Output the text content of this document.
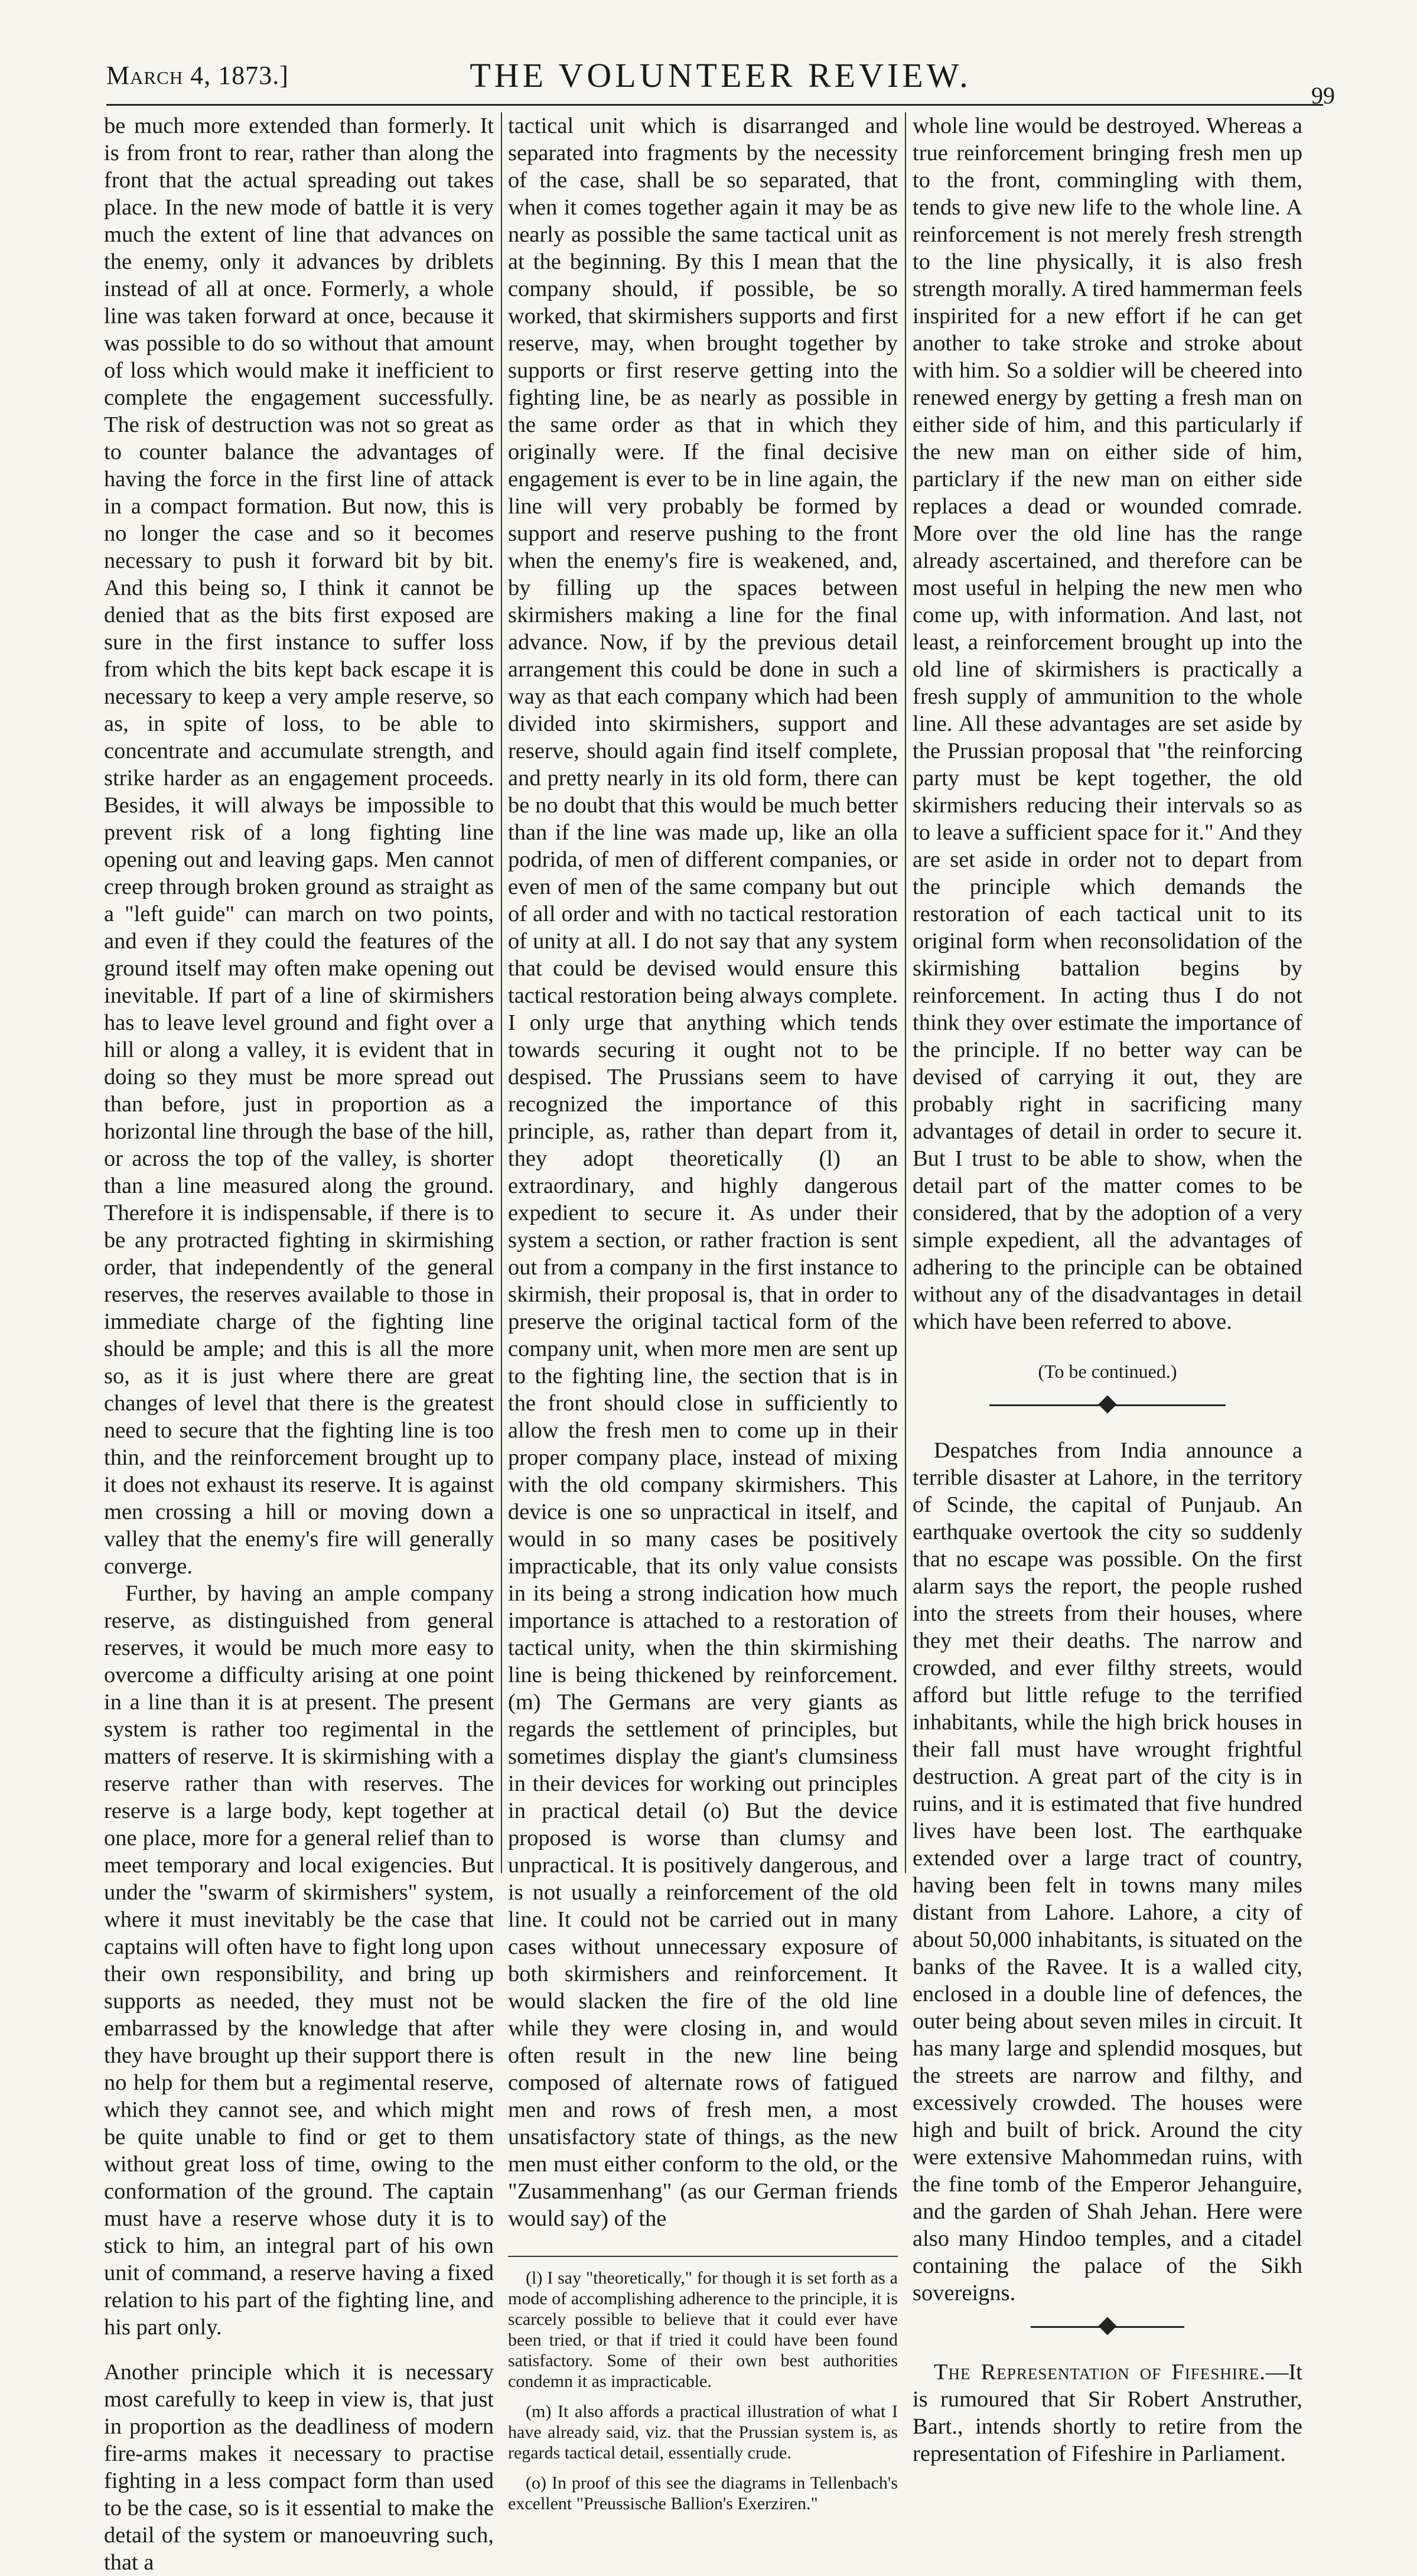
March 4, 1873.]	THE VOLUNTEER REVIEW.
99

be much more extended than formerly. It is from front to rear, rather than along the front that the actual spreading out takes place. In the new mode of battle it is very much the extent of line that advances on the enemy, only it advances by driblets instead of all at once. Formerly, a whole line was taken forward at once, because it was possible to do so without that amount of loss which would make it inefficient to complete the engagement successfully. The risk of destruction was not so great as to counter balance the advantages of having the force in the first line of attack in a compact formation. But now, this is no longer the case and so it becomes necessary to push it forward bit by bit. And this being so, I think it cannot be denied that as the bits first exposed are sure in the first instance to suffer loss from which the bits kept back escape it is necessary to keep a very ample reserve, so as, in spite of loss, to be able to concentrate and accumulate strength, and strike harder as an engagement proceeds. Besides, it will always be impossible to prevent risk of a long fighting line opening out and leaving gaps. Men cannot creep through broken ground as straight as a "left guide" can march on two points, and even if they could the features of the ground itself may often make opening out inevitable. If part of a line of skirmishers has to leave level ground and fight over a hill or along a valley, it is evident that in doing so they must be more spread out than before, just in proportion as a horizontal line through the base of the hill, or across the top of the valley, is shorter than a line measured along the ground. Therefore it is indispensable, if there is to be any protracted fighting in skirmishing order, that independently of the general reserves, the reserves available to those in immediate charge of the fighting line should be ample; and this is all the more so, as it is just where there are great changes of level that there is the greatest need to secure that the fighting line is too thin, and the reinforcement brought up to it does not exhaust its reserve. It is against men crossing a hill or moving down a valley that the enemy's fire will generally converge.

Further, by having an ample company reserve, as distinguished from general reserves, it would be much more easy to overcome a difficulty arising at one point in a line than it is at present. The present system is rather too regimental in the matters of reserve. It is skirmishing with a reserve rather than with reserves. The reserve is a large body, kept together at one place, more for a general relief than to meet temporary and local exigencies. But under the "swarm of skirmishers" system, where it must inevitably be the case that captains will often have to fight long upon their own responsibility, and bring up supports as needed, they must not be embarrassed by the knowledge that after they have brought up their support there is no help for them but a regimental reserve, which they cannot see, and which might be quite unable to find or get to them without great loss of time, owing to the conformation of the ground. The captain must have a reserve whose duty it is to stick to him, an integral part of his own unit of command, a reserve having a fixed relation to his part of the fighting line, and his part only.

Another principle which it is necessary most carefully to keep in view is, that just in proportion as the deadliness of modern fire-arms makes it necessary to practise fighting in a less compact form than used to be the case, so is it essential to make the detail of the system or manoeuvring such, that a

tactical unit which is disarranged and separated into fragments by the necessity of the case, shall be so separated, that when it comes together again it may be as nearly as possible the same tactical unit as at the beginning. By this I mean that the company should, if possible, be so worked, that skirmishers supports and first reserve, may, when brought together by supports or first reserve getting into the fighting line, be as nearly as possible in the same order as that in which they originally were. If the final decisive engagement is ever to be in line again, the line will very probably be formed by support and reserve pushing to the front when the enemy's fire is weakened, and, by filling up the spaces between skirmishers making a line for the final advance. Now, if by the previous detail arrangement this could be done in such a way as that each company which had been divided into skirmishers, support and reserve, should again find itself complete, and pretty nearly in its old form, there can be no doubt that this would be much better than if the line was made up, like an olla podrida, of men of different companies, or even of men of the same company but out of all order and with no tactical restoration of unity at all. I do not say that any system that could be devised would ensure this tactical restoration being always complete. I only urge that anything which tends towards securing it ought not to be despised. The Prussians seem to have recognized the importance of this principle, as, rather than depart from it, they adopt theoretically (l) an extraordinary, and highly dangerous expedient to secure it. As under their system a section, or rather fraction is sent out from a company in the first instance to skirmish, their proposal is, that in order to preserve the original tactical form of the company unit, when more men are sent up to the fighting line, the section that is in the front should close in sufficiently to allow the fresh men to come up in their proper company place, instead of mixing with the old company skirmishers. This device is one so unpractical in itself, and would in so many cases be positively impracticable, that its only value consists in its being a strong indication how much importance is attached to a restoration of tactical unity, when the thin skirmishing line is being thickened by reinforcement.(m) The Germans are very giants as regards the settlement of principles, but sometimes display the giant's clumsiness in their devices for working out principles in practical detail (o) But the device proposed is worse than clumsy and unpractical. It is positively dangerous, and is not usually a reinforcement of the old line. It could not be carried out in many cases without unnecessary exposure of both skirmishers and reinforcement. It would slacken the fire of the old line while they were closing in, and would often result in the new line being composed of alternate rows of fatigued men and rows of fresh men, a most unsatisfactory state of things, as the new men must either conform to the old, or the "Zusammenhang" (as our German friends would say) of the

(l) I say "theoretically," for though it is set forth as a mode of accomplishing adherence to the principle, it is scarcely possible to believe that it could ever have been tried, or that if tried it could have been found satisfactory. Some of their own best authorities condemn it as impracticable.

(m) It also affords a practical illustration of what I have already said, viz. that the Prussian system is, as regards tactical detail, essentially crude.

(o) In proof of this see the diagrams in Tellenbach's excellent "Preussische Ballion's Exerziren."

whole line would be destroyed. Whereas a true reinforcement bringing fresh men up to the front, commingling with them, tends to give new life to the whole line. A reinforcement is not merely fresh strength to the line physically, it is also fresh strength morally. A tired hammerman feels inspirited for a new effort if he can get another to take stroke and stroke about with him. So a soldier will be cheered into renewed energy by getting a fresh man on either side of him, and this particularly if the new man on either side of him, particlary if the new man on either side replaces a dead or wounded comrade. More over the old line has the range already ascertained, and therefore can be most useful in helping the new men who come up, with information. And last, not least, a reinforcement brought up into the old line of skirmishers is practically a fresh supply of ammunition to the whole line. All these advantages are set aside by the Prussian proposal that "the reinforcing party must be kept together, the old skirmishers reducing their intervals so as to leave a sufficient space for it." And they are set aside in order not to depart from the principle which demands the restoration of each tactical unit to its original form when reconsolidation of the skirmishing battalion begins by reinforcement. In acting thus I do not think they over estimate the importance of the principle. If no better way can be devised of carrying it out, they are probably right in sacrificing many advantages of detail in order to secure it. But I trust to be able to show, when the detail part of the matter comes to be considered, that by the adoption of a very simple expedient, all the advantages of adhering to the principle can be obtained without any of the disadvantages in detail which have been referred to above.

(To be continued.)

Despatches from India announce a terrible disaster at Lahore, in the territory of Scinde, the capital of Punjaub. An earthquake overtook the city so suddenly that no escape was possible. On the first alarm says the report, the people rushed into the streets from their houses, where they met their deaths. The narrow and crowded, and ever filthy streets, would afford but little refuge to the terrified inhabitants, while the high brick houses in their fall must have wrought frightful destruction. A great part of the city is in ruins, and it is estimated that five hundred lives have been lost. The earthquake extended over a large tract of country, having been felt in towns many miles distant from Lahore. Lahore, a city of about 50,000 inhabitants, is situated on the banks of the Ravee. It is a walled city, enclosed in a double line of defences, the outer being about seven miles in circuit. It has many large and splendid mosques, but the streets are narrow and filthy, and excessively crowded. The houses were high and built of brick. Around the city were extensive Mahommedan ruins, with the fine tomb of the Emperor Jehanguire, and the garden of Shah Jehan. Here were also many Hindoo temples, and a citadel containing the palace of the Sikh sovereigns.

The Representation of Fifeshire.—It is rumoured that Sir Robert Anstruther, Bart., intends shortly to retire from the representation of Fifeshire in Parliament.
